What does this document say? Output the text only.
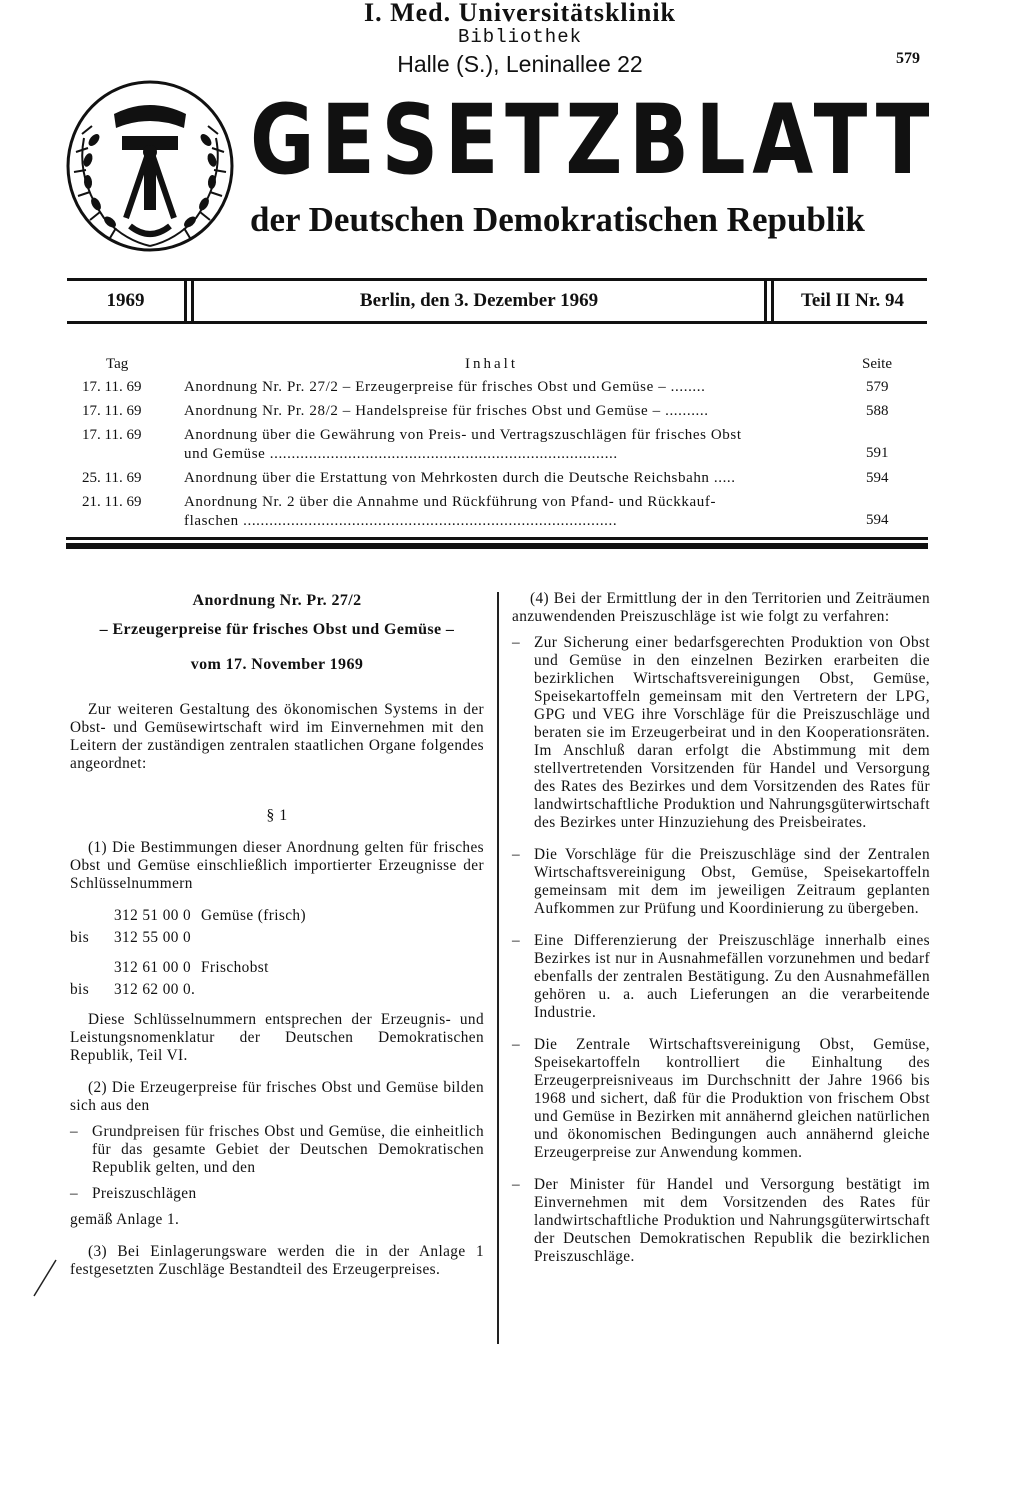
I. Med. Universitätsklinik
Bibliothek
Halle (S.), Leninallee 22	579
GESETZBLATT
der Deutschen Demokratischen Republik
1969	Berlin, den 3. Dezember 1969	Teil II Nr. 94
Tag	Inhalt	Seite
17. 11. 69	Anordnung Nr. Pr. 27/2 – Erzeugerpreise für frisches Obst und Gemüse – ........	579
17. 11. 69	Anordnung Nr. Pr. 28/2 – Handelspreise für frisches Obst und Gemüse – ..........	588
17. 11. 69	Anordnung über die Gewährung von Preis- und Vertragszuschlägen für frisches Obst
und Gemüse ................................................................................	591
25. 11. 69	Anordnung über die Erstattung von Mehrkosten durch die Deutsche Reichsbahn .....	594
21. 11. 69	Anordnung Nr. 2 über die Annahme und Rückführung von Pfand- und Rückkauf-
flaschen ......................................................................................	594
Anordnung Nr. Pr. 27/2
– Erzeugerpreise für frisches Obst und Gemüse –
vom 17. November 1969

Zur weiteren Gestaltung des ökonomischen Systems in der Obst- und Gemüsewirtschaft wird im Einvernehmen mit den Leitern der zuständigen zentralen staatlichen Organe folgendes angeordnet:

§ 1

(1) Die Bestimmungen dieser Anordnung gelten für frisches Obst und Gemüse einschließlich importierter Erzeugnisse der Schlüsselnummern

312 51 00 0 Gemüse (frisch)
bis 312 55 00 0
312 61 00 0 Frischobst
bis 312 62 00 0.

Diese Schlüsselnummern entsprechen der Erzeugnis- und Leistungsnomenklatur der Deutschen Demokratischen Republik, Teil VI.

(2) Die Erzeugerpreise für frisches Obst und Gemüse bilden sich aus den

– Grundpreisen für frisches Obst und Gemüse, die einheitlich für das gesamte Gebiet der Deutschen Demokratischen Republik gelten, und den
– Preiszuschlägen
gemäß Anlage 1.

(3) Bei Einlagerungsware werden die in der Anlage 1 festgesetzten Zuschläge Bestandteil des Erzeugerpreises.

(4) Bei der Ermittlung der in den Territorien und Zeiträumen anzuwendenden Preiszuschläge ist wie folgt zu verfahren:

– Zur Sicherung einer bedarfsgerechten Produktion von Obst und Gemüse in den einzelnen Bezirken erarbeiten die bezirklichen Wirtschaftsvereinigungen Obst, Gemüse, Speisekartoffeln gemeinsam mit den Vertretern der LPG, GPG und VEG ihre Vorschläge für die Preiszuschläge und beraten sie im Erzeugerbeirat und in den Kooperationsräten. Im Anschluß daran erfolgt die Abstimmung mit dem stellvertretenden Vorsitzenden für Handel und Versorgung des Rates des Bezirkes und dem Vorsitzenden des Rates für landwirtschaftliche Produktion und Nahrungsgüterwirtschaft des Bezirkes unter Hinzuziehung des Preisbeirates.
– Die Vorschläge für die Preiszuschläge sind der Zentralen Wirtschaftsvereinigung Obst, Gemüse, Speisekartoffeln gemeinsam mit dem im jeweiligen Zeitraum geplanten Aufkommen zur Prüfung und Koordinierung zu übergeben.
– Eine Differenzierung der Preiszuschläge innerhalb eines Bezirkes ist nur in Ausnahmefällen vorzunehmen und bedarf ebenfalls der zentralen Bestätigung. Zu den Ausnahmefällen gehören u. a. auch Lieferungen an die verarbeitende Industrie.
– Die Zentrale Wirtschaftsvereinigung Obst, Gemüse, Speisekartoffeln kontrolliert die Einhaltung des Erzeugerpreisniveaus im Durchschnitt der Jahre 1966 bis 1968 und sichert, daß für die Produktion von frischem Obst und Gemüse in Bezirken mit annähernd gleichen natürlichen und ökonomischen Bedingungen auch annähernd gleiche Erzeugerpreise zur Anwendung kommen.
– Der Minister für Handel und Versorgung bestätigt im Einvernehmen mit dem Vorsitzenden des Rates für landwirtschaftliche Produktion und Nahrungsgüterwirtschaft der Deutschen Demokratischen Republik die bezirklichen Preiszuschläge.
